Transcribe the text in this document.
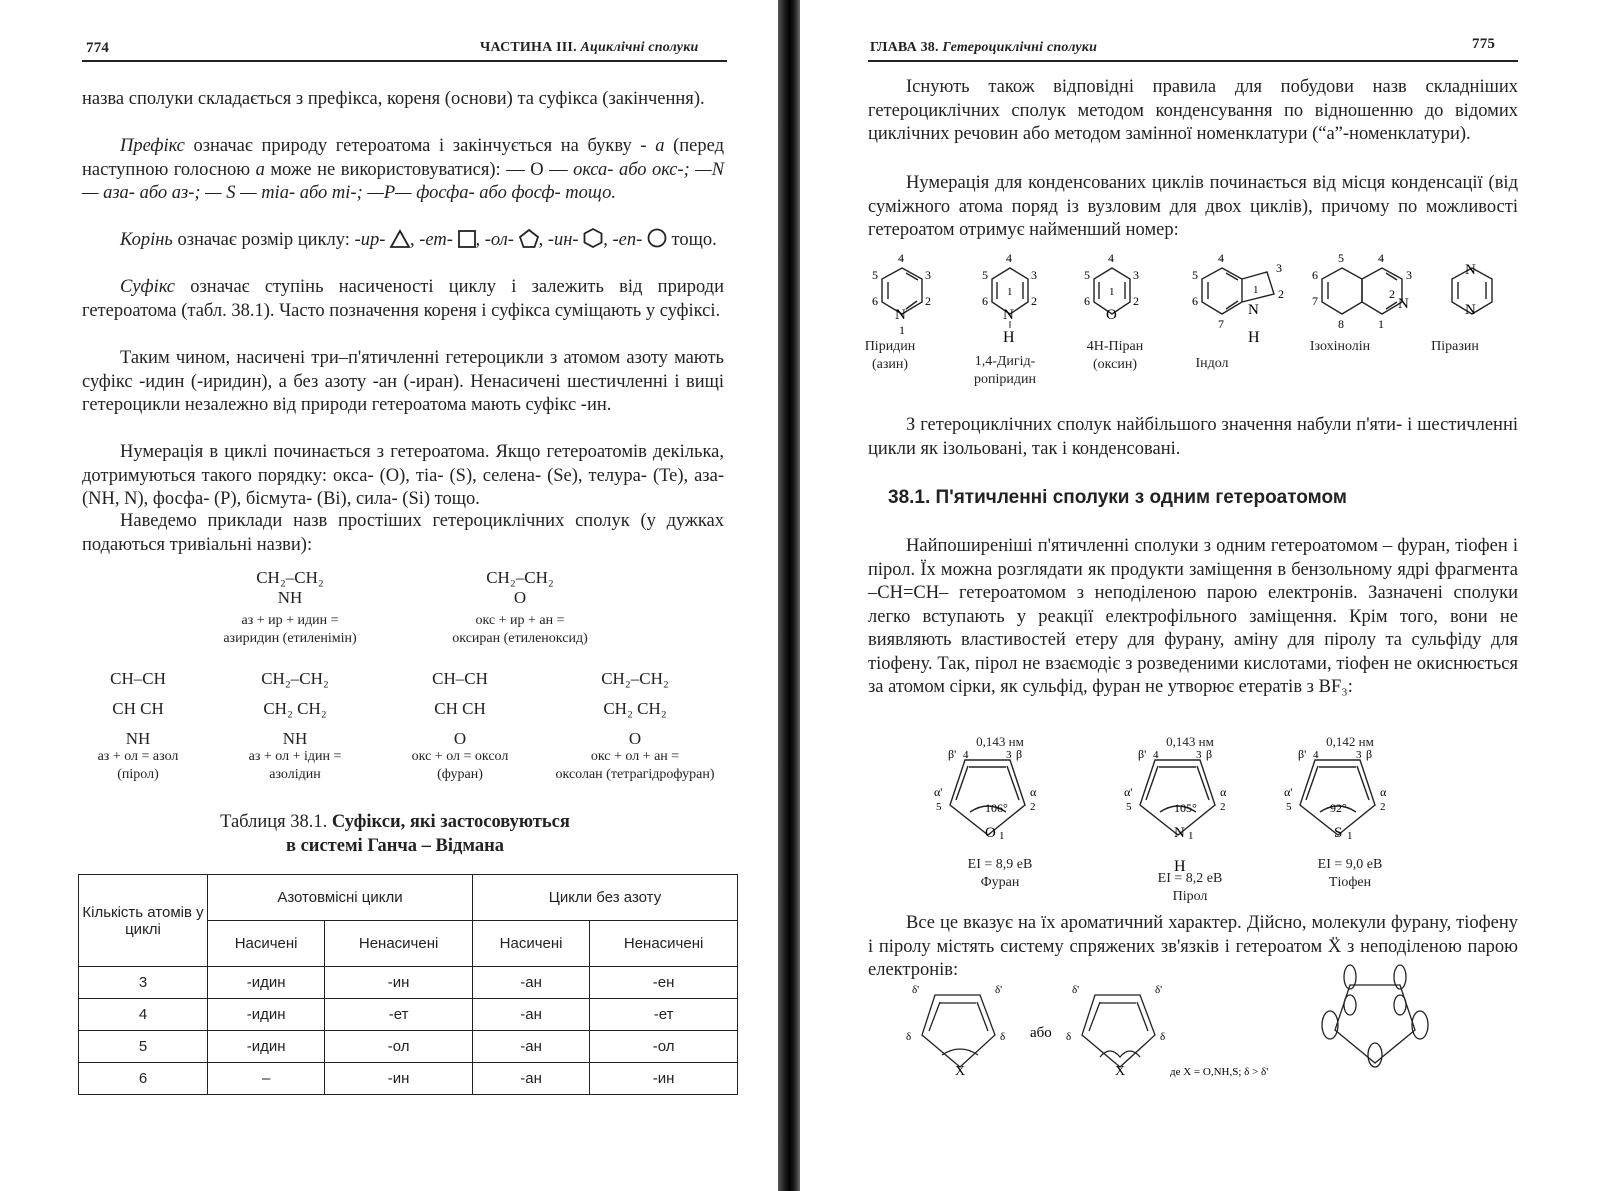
774	ЧАСТИНА ІІІ. Ациклічні сполуки

назва сполуки складається з префікса, кореня (основи) та суфікса (закінчення).

Префікс означає природу гетероатома і закінчується на букву - а (перед наступною голосною а може не використовуватися): — О — окса- або окс-; —N— аза- або аз-; — S — тіа- або ті-; —P— фосфа- або фосф- тощо.

Корінь означає розмір циклу: -ир- , -ет- , -ол- , -ин- , -еп- тощо.

Суфікс означає ступінь насиченості циклу і залежить від природи гетероатома (табл. 38.1). Часто позначення кореня і суфікса суміщають у суфіксі.

Таким чином, насичені три–п'ятичленні гетероцикли з атомом азоту мають суфікс -идин (-иридин), а без азоту -ан (-иран). Ненасичені шестичленні і вищі гетероцикли незалежно від природи гетероатома мають суфікс -ин.

Нумерація в циклі починається з гетероатома. Якщо гетероатомів декілька, дотримуються такого порядку: окса- (O), тіа- (S), селена- (Se), телура- (Te), аза- (NH, N), фосфа- (P), бісмута- (Bi), сила- (Si) тощо.

Наведемо приклади назв простіших гетероциклічних сполук (у дужках подаються тривіальні назви):

CH₂–CH₂
NH
аз + ир + идин =
азиридин (етиленімін)
CH₂–CH₂
O
окс + ир + ан =
оксиран (етиленоксид)
CH–CH
CH CH
NH
аз + ол = азол
(пірол)
CH₂–CH₂
CH₂ CH₂
NH
аз + ол + ідин =
азолідин
CH–CH
CH CH
O
окс + ол = оксол
(фуран)
CH₂–CH₂
CH₂ CH₂
O
окс + ол + ан =
оксолан (тетрагідрофуран)
Таблиця 38.1. Суфікси, які застосовуються
в системі Ганча – Відмана
Кількість атомів у циклі	Азотовмісні цикли		Цикли без азоту	
	Насичені	Ненасичені	Насичені	Ненасичені
3	-идин	-ин	-ан	-ен
4	-идин	-ет	-ан	-ет
5	-идин	-ол	-ан	-ол
6	–	-ин	-ан	-ин
ГЛАВА 38. Гетероциклічні сполуки	775

Існують також відповідні правила для побудови назв складніших гетероциклічних сполук методом конденсування по відношенню до відомих циклічних речовин або методом замінної номенклатури (“а”-номенклатури).

Нумерація для конденсованих циклів починається від місця конденсації (від суміжного атома поряд із вузловим для двох циклів), причому по можливості гетероатом отримує найменший номер:

4
5	3
6	2
N
1
4
5	3
6	2
N
1
H
4
5	3
6	2
O
1
4
5
6
7
3
2
N
1
H
5	4
6
7
8	1
3
2
N
N
N
Піридин
(азин)	1,4-Дигід-
ропіридин
4H-Піран
(оксин)	Індол
Ізохінолін	Піразин

З гетероциклічних сполук найбільшого значення набули п'яти- і шестичленні цикли як ізольовані, так і конденсовані.

38.1. П'ятичленні сполуки з одним гетероатомом

Найпоширеніші п'ятичленні сполуки з одним гетероатомом – фуран, тіофен і пірол. Їх можна розглядати як продукти заміщення в бензольному ядрі фрагмента –CH=CH– гетероатомом з неподіленою парою електронів. Зазначені сполуки легко вступають у реакції електрофільного заміщення. Крім того, вони не виявляють властивостей етеру для фурану, аміну для піролу та сульфіду для тіофену. Так, пірол не взаємодіє з розведеними кислотами, тіофен не окиснюється за атомом сірки, як сульфід, фуран не утворює етератів з BF₃:

106°
O 1
β' 4	3 β
α'
5
α
2	105°
N 1
H
β' 4	3 β
α'
5
α
2	92°
S 1
β' 4	3 β
α'
5
α
2
0,143 нм	0,143 нм	0,142 нм
EI = 8,9 еВ
Фуран	EI = 8,2 еВ
Пірол
EI = 9,0 еВ
Тіофен

Все це вказує на їх ароматичний характер. Дійсно, молекули фурану, тіофену і піролу містять систему спряжених зв'язків і гетероатом Ẍ з неподіленою парою електронів:

X
δ'	δ'
δ	δ або
X
δ'	δ'
δ	δ
де X = O,NH,S; δ > δ'
